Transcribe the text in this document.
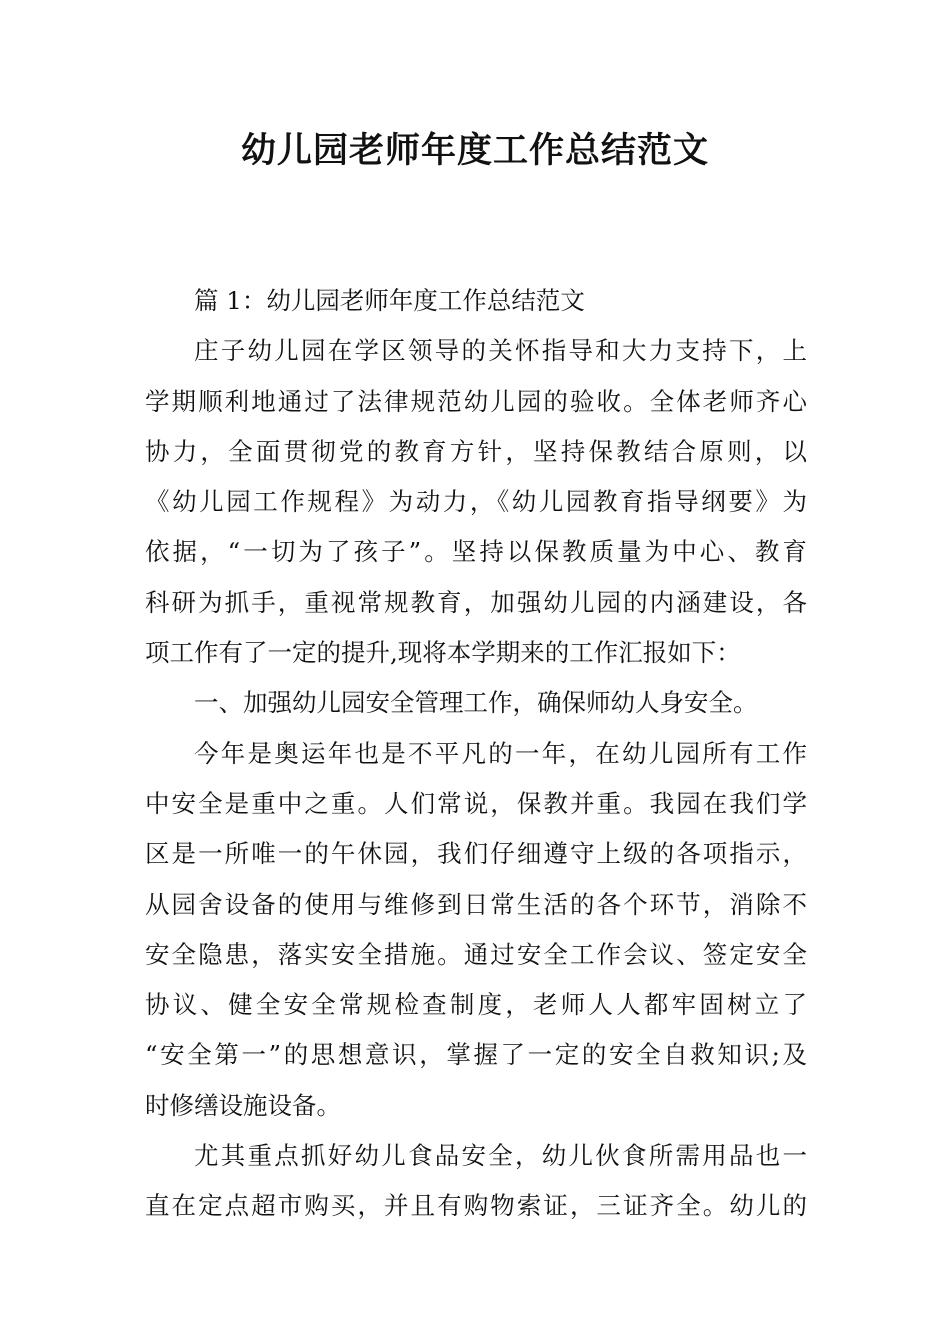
幼儿园老师年度工作总结范文

篇 1：幼儿园老师年度工作总结范文

庄子幼儿园在学区领导的关怀指导和大力支持下，上
学期顺利地通过了法律规范幼儿园的验收。全体老师齐心
协力，全面贯彻党的教育方针，坚持保教结合原则，以
《幼儿园工作规程》为动力，《幼儿园教育指导纲要》为
依据，“一切为了孩子”。坚持以保教质量为中心、教育
科研为抓手，重视常规教育，加强幼儿园的内涵建设，各
项工作有了一定的提升,现将本学期来的工作汇报如下：

一、加强幼儿园安全管理工作，确保师幼人身安全。

今年是奥运年也是不平凡的一年，在幼儿园所有工作
中安全是重中之重。人们常说，保教并重。我园在我们学
区是一所唯一的午休园，我们仔细遵守上级的各项指示，
从园舍设备的使用与维修到日常生活的各个环节，消除不
安全隐患，落实安全措施。通过安全工作会议、签定安全
协议、健全安全常规检查制度，老师人人都牢固树立了
“安全第一”的思想意识，掌握了一定的安全自救知识;及
时修缮设施设备。

尤其重点抓好幼儿食品安全，幼儿伙食所需用品也一
直在定点超市购买，并且有购物索证，三证齐全。幼儿的
